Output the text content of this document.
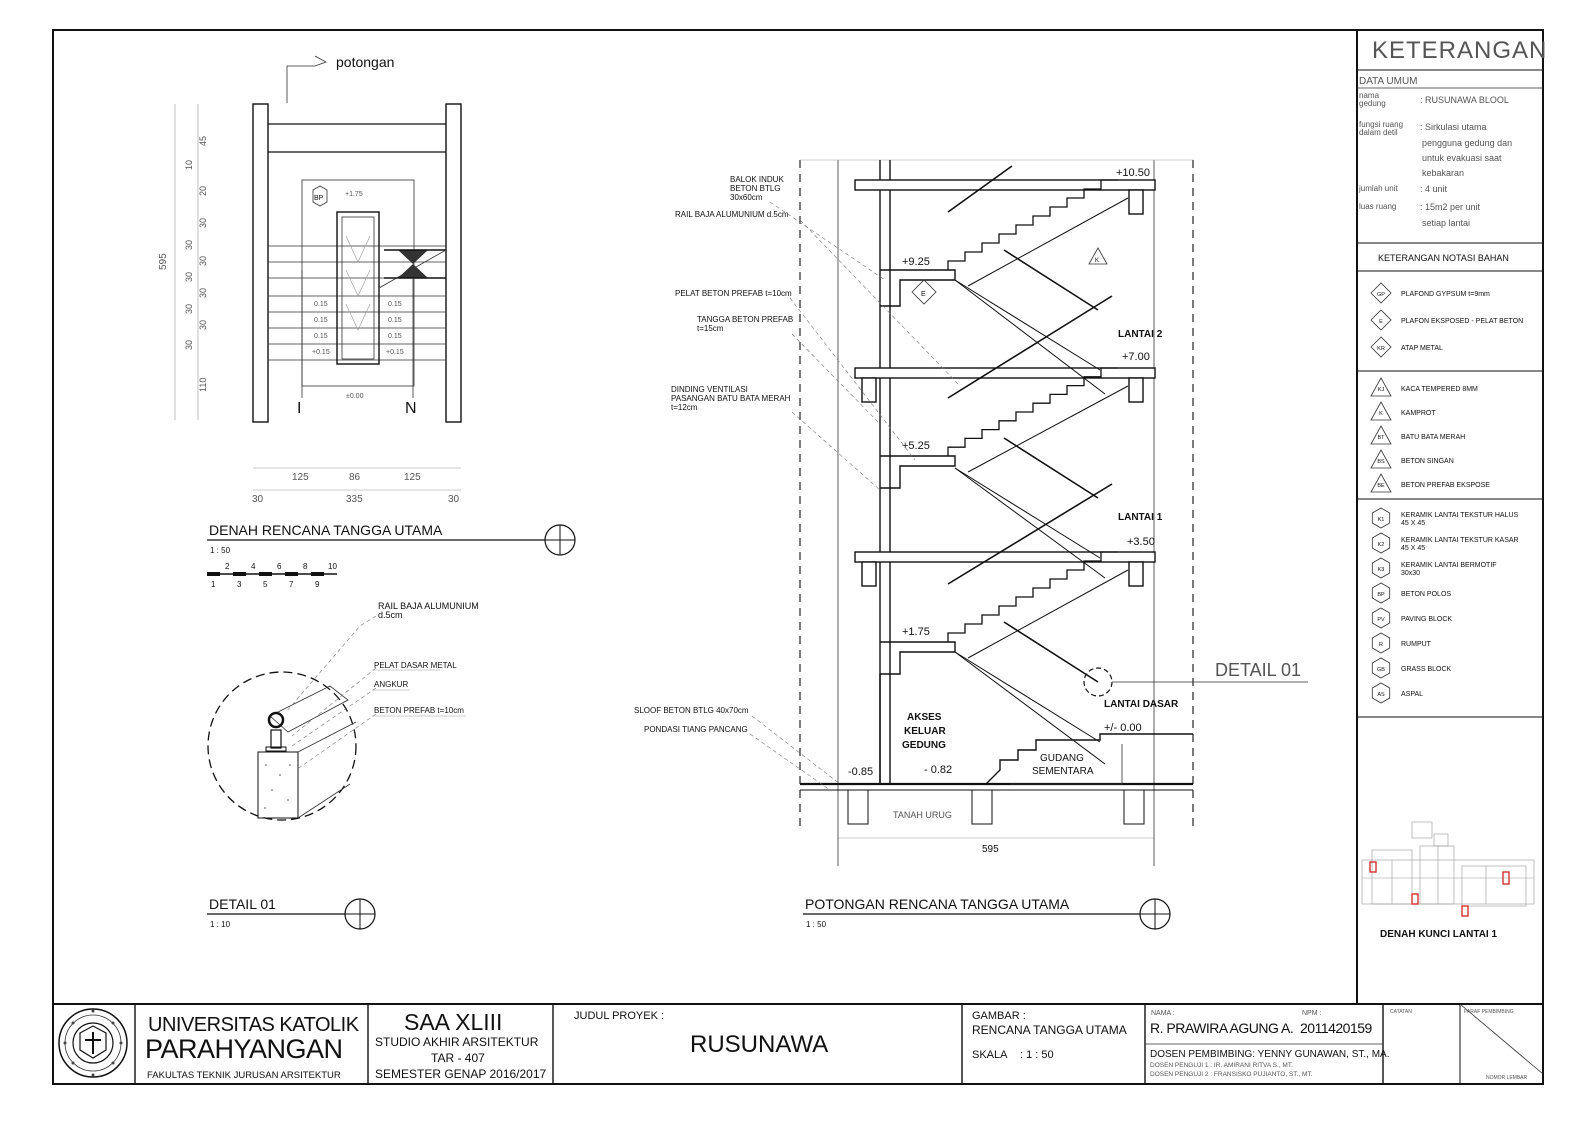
potongan
I	N
BP
+1.75
±0.00
0.15
0.15
0.15
+0.15
0.15
0.15
0.15
+0.15
45
10
20
30
30
30
30
30
30
30
30
110
595
125	86	125
30	335	30
DENAH RENCANA TANGGA UTAMA
1 : 50
2	4	6	8	10
1	3	5	7	9
RAIL BAJA ALUMUNIUM
d.5cm
PELAT DASAR METAL
ANGKUR
BETON PREFAB t=10cm
DETAIL 01
1 : 10
DETAIL 01
+10.50
+9.25
+7.00
+5.25
+3.50
+1.75
+/- 0.00
-0.85	- 0.82
LANTAI 2
LANTAI 1
LANTAI DASAR
AKSES
KELUAR
GEDUNG
GUDANG
SEMENTARA
TANAH URUG
E
K
BALOK INDUK
BETON BTLG
30x60cm
RAIL BAJA ALUMUNIUM d.5cm
PELAT BETON PREFAB t=10cm
TANGGA BETON PREFAB
t=15cm
DINDING VENTILASI
PASANGAN BATU BATA MERAH
t=12cm
SLOOF BETON BTLG 40x70cm
PONDASI TIANG PANCANG
595
POTONGAN RENCANA TANGGA UTAMA
1 : 50
KETERANGAN
DATA UMUM
nama
gedung	: RUSUNAWA BLOOL
fungsi ruang
dalam detil
: Sirkulasi utama
pengguna gedung dan
untuk evakuasi saat
kebakaran
jumlah unit : 4 unit
luas ruang	: 15m2 per unit
setiap lantai
KETERANGAN NOTASI BAHAN
GP PLAFOND GYPSUM t=9mm
E	PLAFON EKSPOSED - PELAT BETON
KR ATAP METAL
KJ KACA TEMPERED 8MM
K	KAMPROT
BT BATU BATA MERAH
BS BETON SINGAN
BE BETON PREFAB EKSPOSE
K1
KERAMIK LANTAI TEKSTUR HALUS
45 X 45
K2
KERAMIK LANTAI TEKSTUR KASAR
45 X 45
K3
KERAMIK LANTAI BERMOTIF
30x30
BP BETON POLOS
PV PAVING BLOCK
R	RUMPUT
GB GRASS BLOCK
AS ASPAL
DENAH KUNCI LANTAI 1
UNIVERSITAS KATOLIK
PARAHYANGAN
FAKULTAS TEKNIK JURUSAN ARSITEKTUR
SAA XLIII
STUDIO AKHIR ARSITEKTUR
TAR - 407
SEMESTER GENAP 2016/2017
JUDUL PROYEK :
RUSUNAWA
GAMBAR :
RENCANA TANGGA UTAMA
SKALA : 1 : 50
NAMA :	NPM :
R. PRAWIRA AGUNG A. 2011420159
DOSEN PEMBIMBING: YENNY GUNAWAN, ST., MA.
DOSEN PENGUJI 1 : IR. AMIRANI RITVA S., MT.
DOSEN PENGUJI 2 : FRANSISKO PUJIANTO, ST., MT.
CATATAN	PARAF PEMBIMBING
NOMOR LEMBAR
